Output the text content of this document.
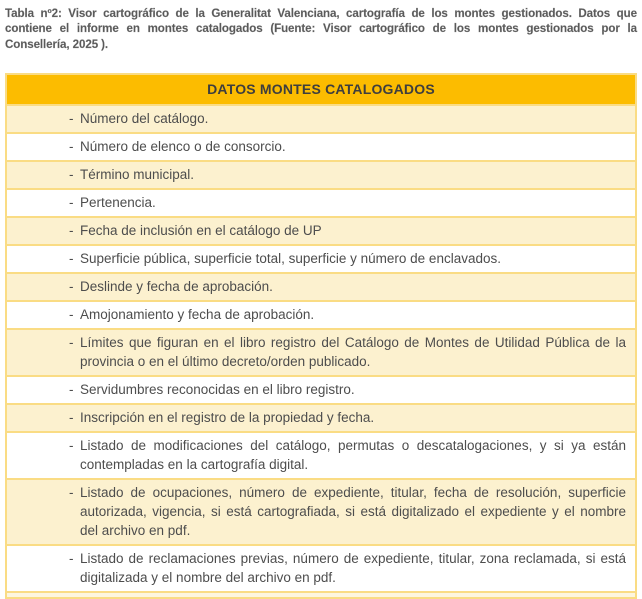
Tabla nº2: Visor cartográfico de la Generalitat Valenciana, cartografía de los montes gestionados. Datos que contiene el informe en montes catalogados (Fuente: Visor cartográfico de los montes gestionados por la Consellería, 2025 ).
DATOS MONTES CATALOGADOS
- Número del catálogo.
- Número de elenco o de consorcio.
- Término municipal.
- Pertenencia.
- Fecha de inclusión en el catálogo de UP
- Superficie pública, superficie total, superficie y número de enclavados.
- Deslinde y fecha de aprobación.
- Amojonamiento y fecha de aprobación.
- Límites que figuran en el libro registro del Catálogo de Montes de Utilidad Pública de la provincia o en el último decreto/orden publicado.
- Servidumbres reconocidas en el libro registro.
- Inscripción en el registro de la propiedad y fecha.
- Listado de modificaciones del catálogo, permutas o descatalogaciones, y si ya están contempladas en la cartografía digital.
- Listado de ocupaciones, número de expediente, titular, fecha de resolución, superficie autorizada, vigencia, si está cartografiada, si está digitalizado el expediente y el nombre del archivo en pdf.
- Listado de reclamaciones previas, número de expediente, titular, zona reclamada, si está digitalizada y el nombre del archivo en pdf.
